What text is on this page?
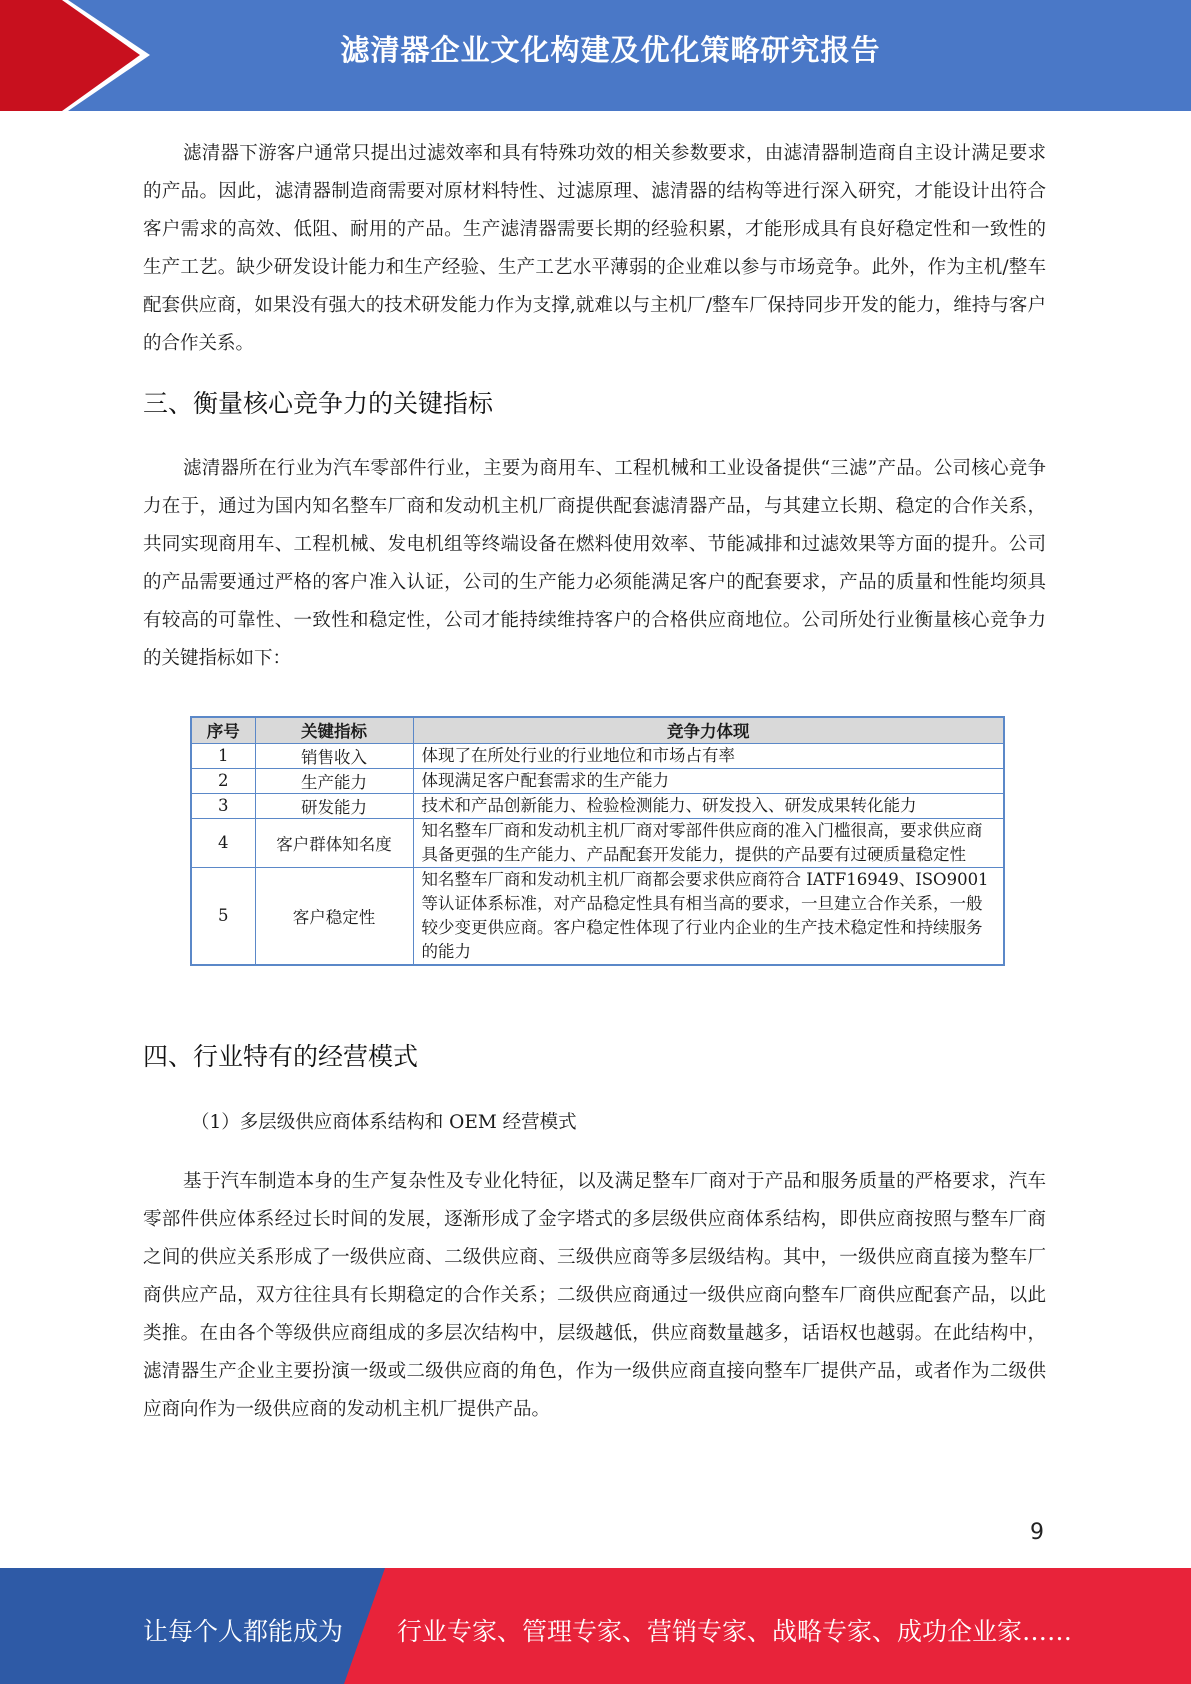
滤清器企业文化构建及优化策略研究报告

滤清器下游客户通常只提出过滤效率和具有特殊功效的相关参数要求，由滤清器制造商自主设计满足要求的产品。因此，滤清器制造商需要对原材料特性、过滤原理、滤清器的结构等进行深入研究，才能设计出符合客户需求的高效、低阻、耐用的产品。生产滤清器需要长期的经验积累，才能形成具有良好稳定性和一致性的生产工艺。缺少研发设计能力和生产经验、生产工艺水平薄弱的企业难以参与市场竞争。此外，作为主机/整车配套供应商，如果没有强大的技术研发能力作为支撑,就难以与主机厂/整车厂保持同步开发的能力，维持与客户的合作关系。

三、衡量核心竞争力的关键指标

滤清器所在行业为汽车零部件行业，主要为商用车、工程机械和工业设备提供“三滤”产品。公司核心竞争力在于，通过为国内知名整车厂商和发动机主机厂商提供配套滤清器产品，与其建立长期、稳定的合作关系，共同实现商用车、工程机械、发电机组等终端设备在燃料使用效率、节能减排和过滤效果等方面的提升。公司的产品需要通过严格的客户准入认证，公司的生产能力必须能满足客户的配套要求，产品的质量和性能均须具有较高的可靠性、一致性和稳定性，公司才能持续维持客户的合格供应商地位。公司所处行业衡量核心竞争力的关键指标如下：

序号	关键指标	竞争力体现
1	销售收入	体现了在所处行业的行业地位和市场占有率
2	生产能力	体现满足客户配套需求的生产能力
3	研发能力	技术和产品创新能力、检验检测能力、研发投入、研发成果转化能力
4	客户群体知名度	知名整车厂商和发动机主机厂商对零部件供应商的准入门槛很高，要求供应商具备更强的生产能力、产品配套开发能力，提供的产品要有过硬质量稳定性
5	客户稳定性	知名整车厂商和发动机主机厂商都会要求供应商符合 IATF16949、ISO9001 等认证体系标准，对产品稳定性具有相当高的要求，一旦建立合作关系，一般较少变更供应商。客户稳定性体现了行业内企业的生产技术稳定性和持续服务的能力
四、行业特有的经营模式
（1）多层级供应商体系结构和 OEM 经营模式

基于汽车制造本身的生产复杂性及专业化特征，以及满足整车厂商对于产品和服务质量的严格要求，汽车零部件供应体系经过长时间的发展，逐渐形成了金字塔式的多层级供应商体系结构，即供应商按照与整车厂商之间的供应关系形成了一级供应商、二级供应商、三级供应商等多层级结构。其中，一级供应商直接为整车厂商供应产品，双方往往具有长期稳定的合作关系；二级供应商通过一级供应商向整车厂商供应配套产品，以此类推。在由各个等级供应商组成的多层次结构中，层级越低，供应商数量越多，话语权也越弱。在此结构中，滤清器生产企业主要扮演一级或二级供应商的角色，作为一级供应商直接向整车厂提供产品，或者作为二级供应商向作为一级供应商的发动机主机厂提供产品。

9
让每个人都能成为 行业专家、管理专家、营销专家、战略专家、成功企业家……
